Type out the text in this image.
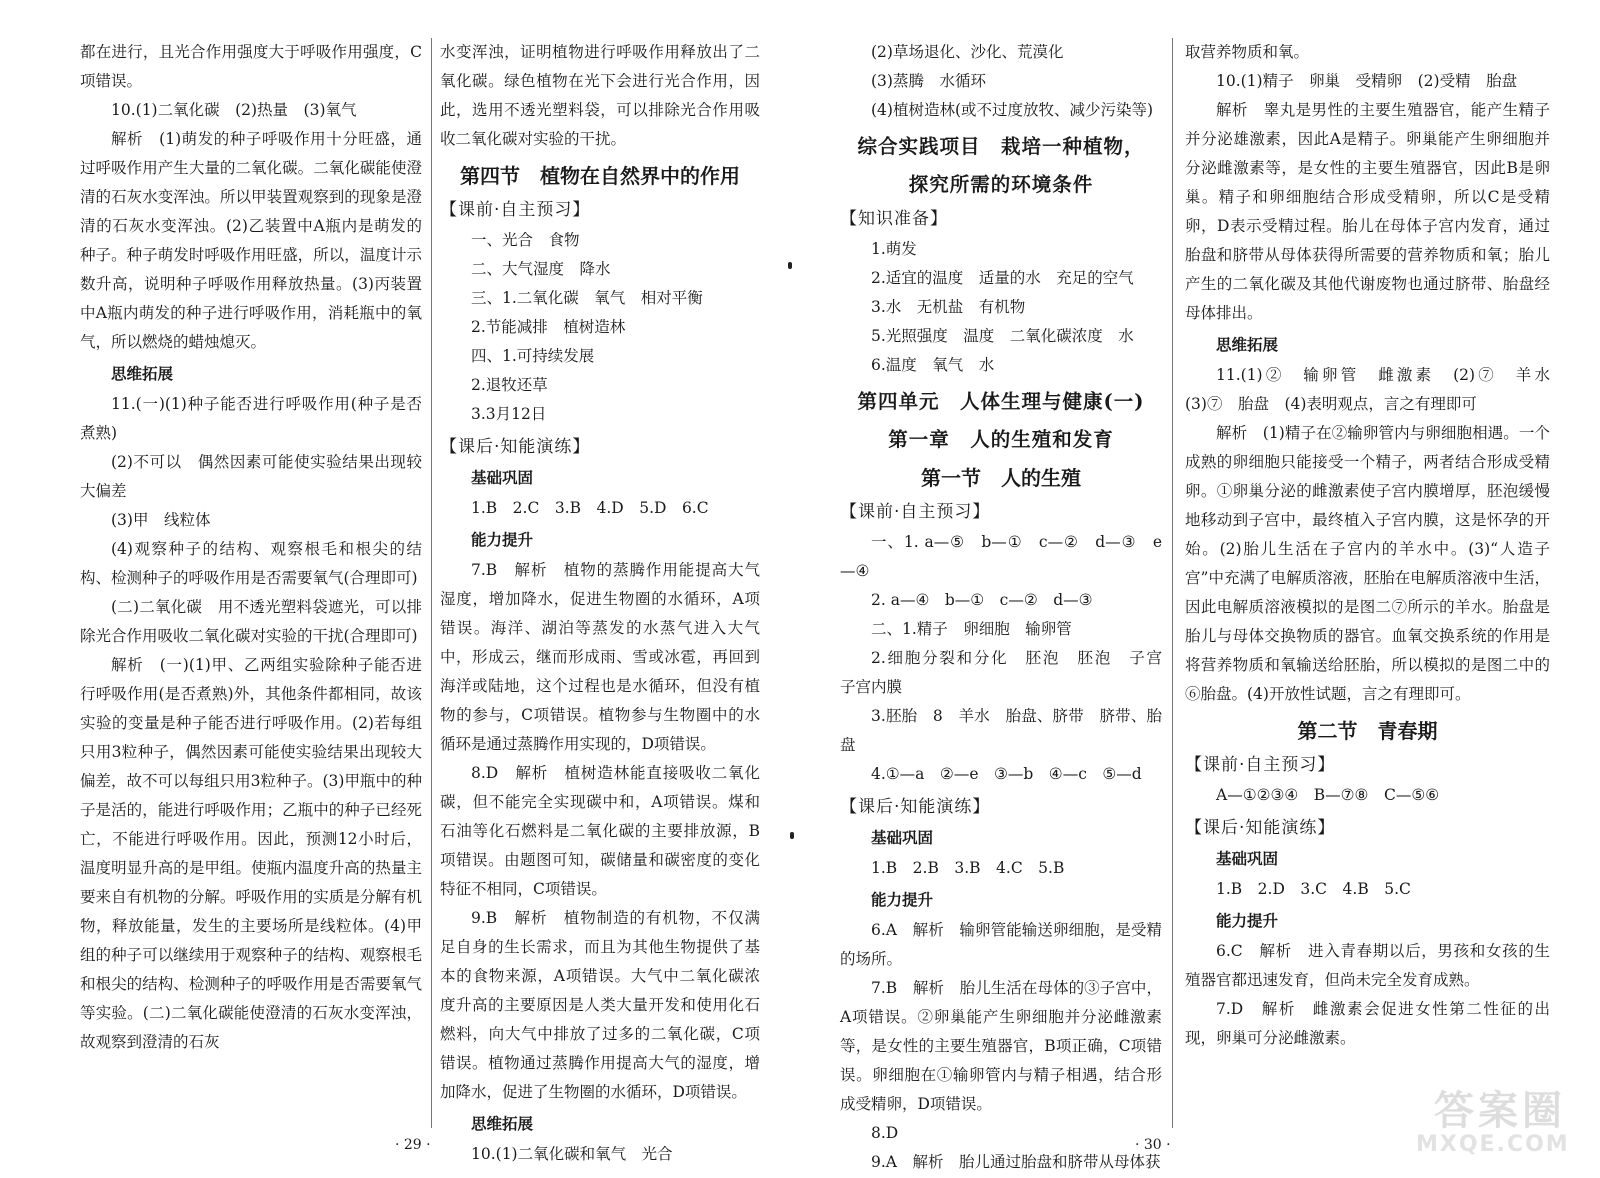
都在进行，且光合作用强度大于呼吸作用强度，C项错误。

10.(1)二氧化碳　(2)热量　(3)氧气

解析　(1)萌发的种子呼吸作用十分旺盛，通过呼吸作用产生大量的二氧化碳。二氧化碳能使澄清的石灰水变浑浊。所以甲装置观察到的现象是澄清的石灰水变浑浊。(2)乙装置中A瓶内是萌发的种子。种子萌发时呼吸作用旺盛，所以，温度计示数升高，说明种子呼吸作用释放热量。(3)丙装置中A瓶内萌发的种子进行呼吸作用，消耗瓶中的氧气，所以燃烧的蜡烛熄灭。

思维拓展

11.(一)(1)种子能否进行呼吸作用(种子是否煮熟)

(2)不可以　偶然因素可能使实验结果出现较大偏差

(3)甲　线粒体

(4)观察种子的结构、观察根毛和根尖的结构、检测种子的呼吸作用是否需要氧气(合理即可)

(二)二氧化碳　用不透光塑料袋遮光，可以排除光合作用吸收二氧化碳对实验的干扰(合理即可)

解析　(一)(1)甲、乙两组实验除种子能否进行呼吸作用(是否煮熟)外，其他条件都相同，故该实验的变量是种子能否进行呼吸作用。(2)若每组只用3粒种子，偶然因素可能使实验结果出现较大偏差，故不可以每组只用3粒种子。(3)甲瓶中的种子是活的，能进行呼吸作用；乙瓶中的种子已经死亡，不能进行呼吸作用。因此，预测12小时后，温度明显升高的是甲组。使瓶内温度升高的热量主要来自有机物的分解。呼吸作用的实质是分解有机物，释放能量，发生的主要场所是线粒体。(4)甲组的种子可以继续用于观察种子的结构、观察根毛和根尖的结构、检测种子的呼吸作用是否需要氧气等实验。(二)二氧化碳能使澄清的石灰水变浑浊，故观察到澄清的石灰

水变浑浊，证明植物进行呼吸作用释放出了二氧化碳。绿色植物在光下会进行光合作用，因此，选用不透光塑料袋，可以排除光合作用吸收二氧化碳对实验的干扰。

第四节　植物在自然界中的作用
【课前·自主预习】

一、光合　食物

二、大气湿度　降水

三、1.二氧化碳　氧气　相对平衡

2.节能减排　植树造林

四、1.可持续发展

2.退牧还草

3.3月12日

【课后·知能演练】

基础巩固

1.B　2.C　3.B　4.D　5.D　6.C

能力提升

7.B　解析　植物的蒸腾作用能提高大气湿度，增加降水，促进生物圈的水循环，A项错误。海洋、湖泊等蒸发的水蒸气进入大气中，形成云，继而形成雨、雪或冰雹，再回到海洋或陆地，这个过程也是水循环，但没有植物的参与，C项错误。植物参与生物圈中的水循环是通过蒸腾作用实现的，D项错误。

8.D　解析　植树造林能直接吸收二氧化碳，但不能完全实现碳中和，A项错误。煤和石油等化石燃料是二氧化碳的主要排放源，B项错误。由题图可知，碳储量和碳密度的变化特征不相同，C项错误。

9.B　解析　植物制造的有机物，不仅满足自身的生长需求，而且为其他生物提供了基本的食物来源，A项错误。大气中二氧化碳浓度升高的主要原因是人类大量开发和使用化石燃料，向大气中排放了过多的二氧化碳，C项错误。植物通过蒸腾作用提高大气的湿度，增加降水，促进了生物圈的水循环，D项错误。

思维拓展

10.(1)二氧化碳和氧气　光合

(2)草场退化、沙化、荒漠化

(3)蒸腾　水循环

(4)植树造林(或不过度放牧、减少污染等)

综合实践项目　栽培一种植物，
探究所需的环境条件
【知识准备】

1.萌发

2.适宜的温度　适量的水　充足的空气

3.水　无机盐　有机物

5.光照强度　温度　二氧化碳浓度　水

6.温度　氧气　水

第四单元　人体生理与健康(一)
第一章　人的生殖和发育
第一节　人的生殖
【课前·自主预习】

一、1. a—⑤　b—①　c—②　d—③　e—④

2. a—④　b—①　c—②　d—③

二、1.精子　卵细胞　输卵管

2.细胞分裂和分化　胚泡　胚泡　子宫　子宫内膜

3.胚胎　8　羊水　胎盘、脐带　脐带、胎盘

4.①—a　②—e　③—b　④—c　⑤—d

【课后·知能演练】

基础巩固

1.B　2.B　3.B　4.C　5.B

能力提升

6.A　解析　输卵管能输送卵细胞，是受精的场所。

7.B　解析　胎儿生活在母体的③子宫中，A项错误。②卵巢能产生卵细胞并分泌雌激素等，是女性的主要生殖器官，B项正确，C项错误。卵细胞在①输卵管内与精子相遇，结合形成受精卵，D项错误。

8.D

9.A　解析　胎儿通过胎盘和脐带从母体获

取营养物质和氧。

10.(1)精子　卵巢　受精卵　(2)受精　胎盘

解析　睾丸是男性的主要生殖器官，能产生精子并分泌雄激素，因此A是精子。卵巢能产生卵细胞并分泌雌激素等，是女性的主要生殖器官，因此B是卵巢。精子和卵细胞结合形成受精卵，所以C是受精卵，D表示受精过程。胎儿在母体子宫内发育，通过胎盘和脐带从母体获得所需要的营养物质和氧；胎儿产生的二氧化碳及其他代谢废物也通过脐带、胎盘经母体排出。

思维拓展

11.(1)②　输卵管　雌激素　(2)⑦　羊水　(3)⑦　胎盘　(4)表明观点，言之有理即可

解析　(1)精子在②输卵管内与卵细胞相遇。一个成熟的卵细胞只能接受一个精子，两者结合形成受精卵。①卵巢分泌的雌激素使子宫内膜增厚，胚泡缓慢地移动到子宫中，最终植入子宫内膜，这是怀孕的开始。(2)胎儿生活在子宫内的羊水中。(3)“人造子宫”中充满了电解质溶液，胚胎在电解质溶液中生活，因此电解质溶液模拟的是图二⑦所示的羊水。胎盘是胎儿与母体交换物质的器官。血氧交换系统的作用是将营养物质和氧输送给胚胎，所以模拟的是图二中的⑥胎盘。(4)开放性试题，言之有理即可。

第二节　青春期
【课前·自主预习】

A—①②③④　B—⑦⑧　C—⑤⑥

【课后·知能演练】

基础巩固

1.B　2.D　3.C　4.B　5.C

能力提升

6.C　解析　进入青春期以后，男孩和女孩的生殖器官都迅速发育，但尚未完全发育成熟。

7.D　解析　雌激素会促进女性第二性征的出现，卵巢可分泌雌激素。

· 29 ·	· 30 ·
答案圈
MXQE.COM
